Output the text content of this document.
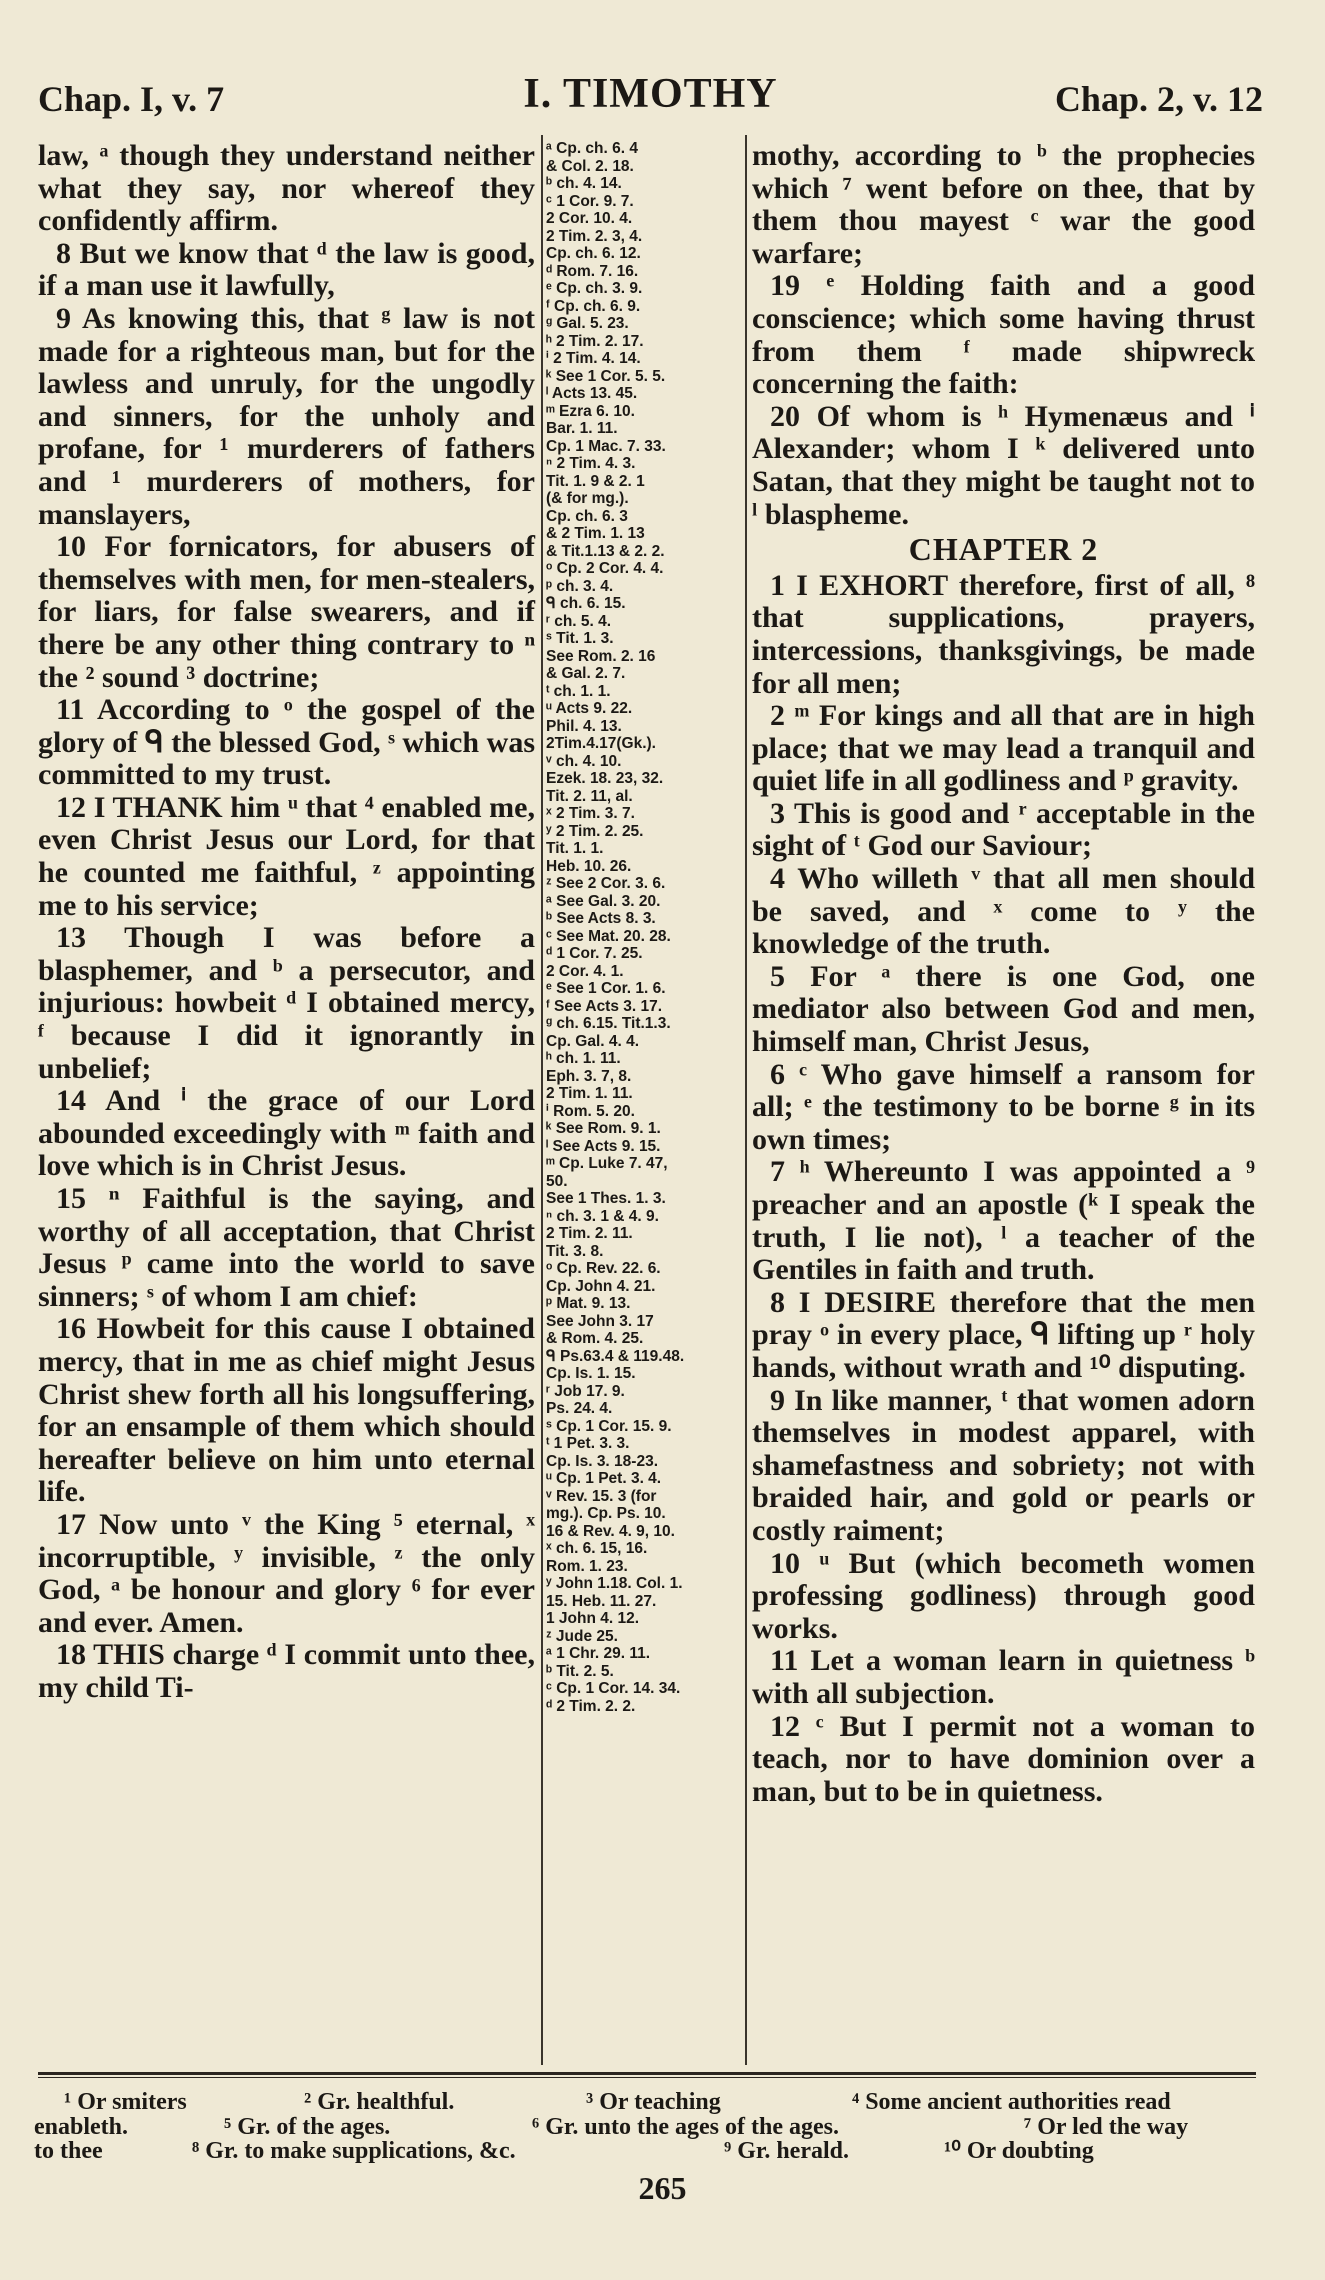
Chap. I, v. 7	I. TIMOTHY	Chap. 2, v. 12
law, ᵃ though they understand neither what they say, nor whereof they confidently affirm.
8 But we know that ᵈ the law is good, if a man use it lawfully,
9 As knowing this, that ᵍ law is not made for a righteous man, but for the lawless and unruly, for the ungodly and sinners, for the unholy and profane, for ¹ murderers of fathers and ¹ murderers of mothers, for manslayers,
10 For fornicators, for abusers of themselves with men, for men-stealers, for liars, for false swearers, and if there be any other thing contrary to ⁿ the ² sound ³ doctrine;
11 According to ᵒ the gospel of the glory of ᑫ the blessed God, ˢ which was committed to my trust.
12 I THANK him ᵘ that ⁴ enabled me, even Christ Jesus our Lord, for that he counted me faithful, ᶻ appointing me to his service;
13 Though I was before a blasphemer, and ᵇ a persecutor, and injurious: howbeit ᵈ I obtained mercy, ᶠ because I did it ignorantly in unbelief;
14 And ⁱ the grace of our Lord abounded exceedingly with ᵐ faith and love which is in Christ Jesus.
15 ⁿ Faithful is the saying, and worthy of all acceptation, that Christ Jesus ᵖ came into the world to save sinners; ˢ of whom I am chief:
16 Howbeit for this cause I obtained mercy, that in me as chief might Jesus Christ shew forth all his longsuffering, for an ensample of them which should hereafter believe on him unto eternal life.
17 Now unto ᵛ the King ⁵ eternal, ˣ incorruptible, ʸ invisible, ᶻ the only God, ᵃ be honour and glory ⁶ for ever and ever. Amen.
18 THIS charge ᵈ I commit unto thee, my child Ti-
ᵃ Cp. ch. 6. 4
& Col. 2. 18.
ᵇ ch. 4. 14.
ᶜ 1 Cor. 9. 7.
2 Cor. 10. 4.
2 Tim. 2. 3, 4.
Cp. ch. 6. 12.
ᵈ Rom. 7. 16.
ᵉ Cp. ch. 3. 9.
ᶠ Cp. ch. 6. 9.
ᵍ Gal. 5. 23.
ʰ 2 Tim. 2. 17.
ⁱ 2 Tim. 4. 14.
ᵏ See 1 Cor. 5. 5.
ˡ Acts 13. 45.
ᵐ Ezra 6. 10.
Bar. 1. 11.
Cp. 1 Mac. 7. 33.
ⁿ 2 Tim. 4. 3.
Tit. 1. 9 & 2. 1
(& for mg.).
Cp. ch. 6. 3
& 2 Tim. 1. 13
& Tit.1.13 & 2. 2.
ᵒ Cp. 2 Cor. 4. 4.
ᵖ ch. 3. 4.
ᑫ ch. 6. 15.
ʳ ch. 5. 4.
ˢ Tit. 1. 3.
See Rom. 2. 16
& Gal. 2. 7.
ᵗ ch. 1. 1.
ᵘ Acts 9. 22.
Phil. 4. 13.
2Tim.4.17(Gk.).
ᵛ ch. 4. 10.
Ezek. 18. 23, 32.
Tit. 2. 11, al.
ˣ 2 Tim. 3. 7.
ʸ 2 Tim. 2. 25.
Tit. 1. 1.
Heb. 10. 26.
ᶻ See 2 Cor. 3. 6.
ᵃ See Gal. 3. 20.
ᵇ See Acts 8. 3.
ᶜ See Mat. 20. 28.
ᵈ 1 Cor. 7. 25.
2 Cor. 4. 1.
ᵉ See 1 Cor. 1. 6.
ᶠ See Acts 3. 17.
ᵍ ch. 6.15. Tit.1.3.
Cp. Gal. 4. 4.
ʰ ch. 1. 11.
Eph. 3. 7, 8.
2 Tim. 1. 11.
ⁱ Rom. 5. 20.
ᵏ See Rom. 9. 1.
ˡ See Acts 9. 15.
ᵐ Cp. Luke 7. 47,
50.
See 1 Thes. 1. 3.
ⁿ ch. 3. 1 & 4. 9.
2 Tim. 2. 11.
Tit. 3. 8.
ᵒ Cp. Rev. 22. 6.
Cp. John 4. 21.
ᵖ Mat. 9. 13.
See John 3. 17
& Rom. 4. 25.
ᑫ Ps.63.4 & 119.48.
Cp. Is. 1. 15.
ʳ Job 17. 9.
Ps. 24. 4.
ˢ Cp. 1 Cor. 15. 9.
ᵗ 1 Pet. 3. 3.
Cp. Is. 3. 18-23.
ᵘ Cp. 1 Pet. 3. 4.
ᵛ Rev. 15. 3 (for
mg.). Cp. Ps. 10.
16 & Rev. 4. 9, 10.
ˣ ch. 6. 15, 16.
Rom. 1. 23.
ʸ John 1.18. Col. 1.
15. Heb. 11. 27.
1 John 4. 12.
ᶻ Jude 25.
ᵃ 1 Chr. 29. 11.
ᵇ Tit. 2. 5.
ᶜ Cp. 1 Cor. 14. 34.
ᵈ 2 Tim. 2. 2.
mothy, according to ᵇ the prophecies which ⁷ went before on thee, that by them thou mayest ᶜ war the good warfare;
19 ᵉ Holding faith and a good conscience; which some having thrust from them ᶠ made shipwreck concerning the faith:
20 Of whom is ʰ Hymenæus and ⁱ Alexander; whom I ᵏ delivered unto Satan, that they might be taught not to ˡ blaspheme.
CHAPTER 2
1 I EXHORT therefore, first of all, ⁸ that supplications, prayers, intercessions, thanksgivings, be made for all men;
2 ᵐ For kings and all that are in high place; that we may lead a tranquil and quiet life in all godliness and ᵖ gravity.
3 This is good and ʳ acceptable in the sight of ᵗ God our Saviour;
4 Who willeth ᵛ that all men should be saved, and ˣ come to ʸ the knowledge of the truth.
5 For ᵃ there is one God, one mediator also between God and men, himself man, Christ Jesus,
6 ᶜ Who gave himself a ransom for all; ᵉ the testimony to be borne ᵍ in its own times;
7 ʰ Whereunto I was appointed a ⁹ preacher and an apostle (ᵏ I speak the truth, I lie not), ˡ a teacher of the Gentiles in faith and truth.
8 I DESIRE therefore that the men pray ᵒ in every place, ᑫ lifting up ʳ holy hands, without wrath and ¹⁰ disputing.
9 In like manner, ᵗ that women adorn themselves in modest apparel, with shamefastness and sobriety; not with braided hair, and gold or pearls or costly raiment;
10 ᵘ But (which becometh women professing godliness) through good works.
11 Let a woman learn in quietness ᵇ with all subjection.
12 ᶜ But I permit not a woman to teach, nor to have dominion over a man, but to be in quietness.
¹ Or smiters	² Gr. healthful.	³ Or teaching	⁴ Some ancient authorities read
enableth.	⁵ Gr. of the ages.	⁶ Gr. unto the ages of the ages.	⁷ Or led the way
to thee	⁸ Gr. to make supplications, &c.	⁹ Gr. herald.	¹⁰ Or doubting
265
